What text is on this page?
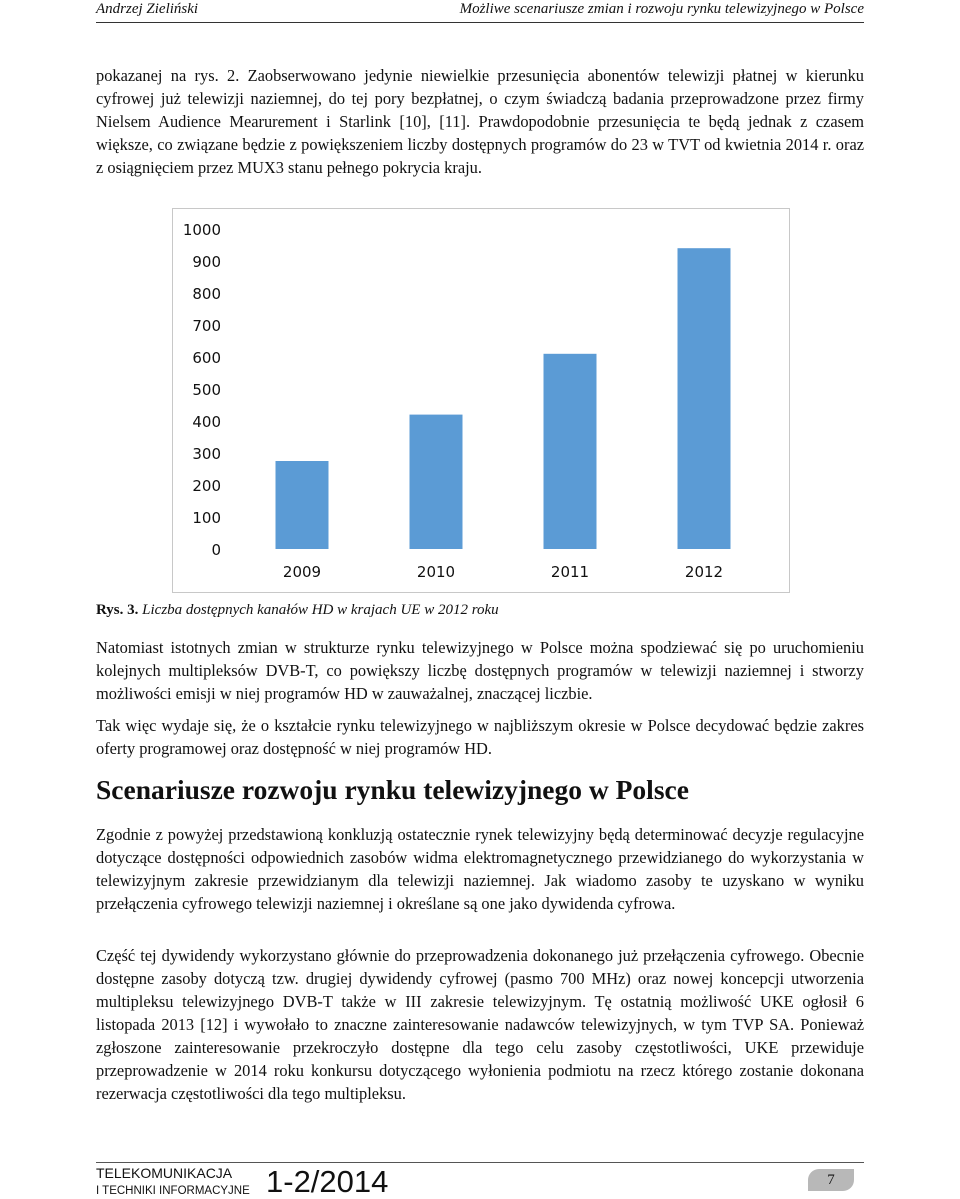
Andrzej Zieliński	Możliwe scenariusze zmian i rozwoju rynku telewizyjnego w Polsce

pokazanej na rys. 2. Zaobserwowano jedynie niewielkie przesunięcia abonentów telewizji płatnej w kierunku cyfrowej już telewizji naziemnej, do tej pory bezpłatnej, o czym świadczą badania przeprowadzone przez firmy Nielsem Audience Mearurement i Starlink [10], [11]. Prawdopodobnie przesunięcia te będą jednak z czasem większe, co związane będzie z powiększeniem liczby dostępnych programów do 23 w TVT od kwietnia 2014 r. oraz z osiągnięciem przez MUX3 stanu pełnego pokrycia kraju.

0
100
200
300
400
500
600
700
800
900
1000
2009	2010	2011	2012
Rys. 3. Liczba dostępnych kanałów HD w krajach UE w 2012 roku

Natomiast istotnych zmian w strukturze rynku telewizyjnego w Polsce można spodziewać się po uruchomieniu kolejnych multipleksów DVB-T, co powiększy liczbę dostępnych programów w telewizji naziemnej i stworzy możliwości emisji w niej programów HD w zauważalnej, znaczącej liczbie.

Tak więc wydaje się, że o kształcie rynku telewizyjnego w najbliższym okresie w Polsce decydować będzie zakres oferty programowej oraz dostępność w niej programów HD.

Scenariusze rozwoju rynku telewizyjnego w Polsce

Zgodnie z powyżej przedstawioną konkluzją ostatecznie rynek telewizyjny będą determinować decyzje regulacyjne dotyczące dostępności odpowiednich zasobów widma elektromagnetycznego przewidzianego do wykorzystania w telewizyjnym zakresie przewidzianym dla telewizji naziemnej. Jak wiadomo zasoby te uzyskano w wyniku przełączenia cyfrowego telewizji naziemnej i określane są one jako dywidenda cyfrowa.

Część tej dywidendy wykorzystano głównie do przeprowadzenia dokonanego już przełączenia cyfrowego. Obecnie dostępne zasoby dotyczą tzw. drugiej dywidendy cyfrowej (pasmo 700 MHz) oraz nowej koncepcji utworzenia multipleksu telewizyjnego DVB-T także w III zakresie telewizyjnym. Tę ostatnią możliwość UKE ogłosił 6 listopada 2013 [12] i wywołało to znaczne zainteresowanie nadawców telewizyjnych, w tym TVP SA. Ponieważ zgłoszone zainteresowanie przekroczyło dostępne dla tego celu zasoby częstotliwości, UKE przewiduje przeprowadzenie w 2014 roku konkursu dotyczącego wyłonienia podmiotu na rzecz którego zostanie dokonana rezerwacja częstotliwości dla tego multipleksu.

TELEKOMUNIKACJA
I TECHNIKI INFORMACYJNE 1-2/2014	7
